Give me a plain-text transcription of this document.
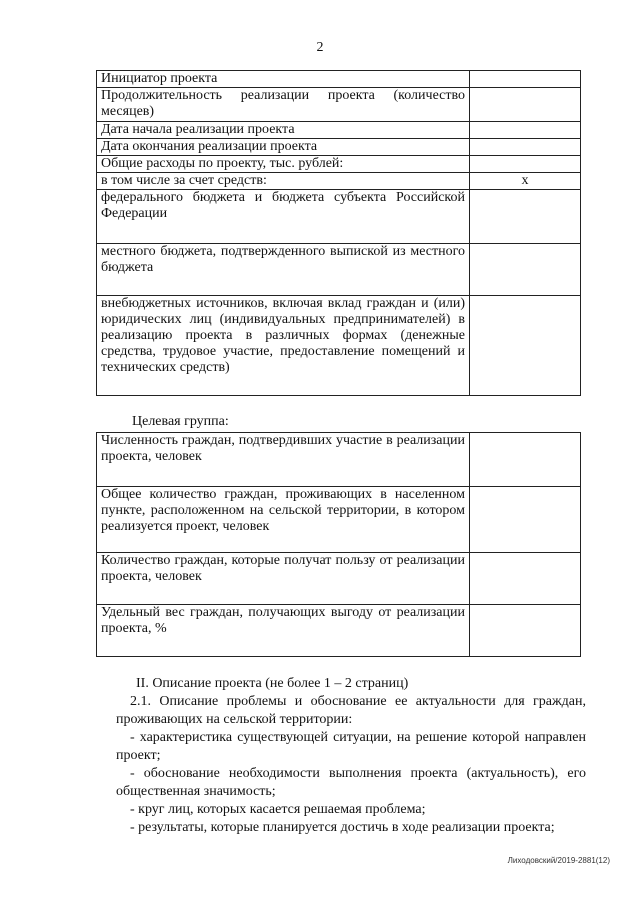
2
Инициатор проекта	
Продолжительность реализации проекта (количество месяцев)	
Дата начала реализации проекта	
Дата окончания реализации проекта	
Общие расходы по проекту, тыс. рублей:	
в том числе за счет средств:	x
федерального бюджета и бюджета субъекта Российской Федерации	
местного бюджета, подтвержденного выпиской из местного бюджета	
внебюджетных источников, включая вклад граждан и (или) юридических лиц (индивидуальных предпринимателей) в реализацию проекта в различных формах (денежные средства, трудовое участие, предоставление помещений и технических средств)	
Целевая группа:
Численность граждан, подтвердивших участие в реализации проекта, человек	
Общее количество граждан, проживающих в населенном пункте, расположенном на сельской территории, в котором реализуется проект, человек	
Количество граждан, которые получат пользу от реализации проекта, человек	
Удельный вес граждан, получающих выгоду от реализации проекта, %	

II. Описание проекта (не более 1 – 2 страниц)

2.1. Описание проблемы и обоснование ее актуальности для граждан, проживающих на сельской территории:

- характеристика существующей ситуации, на решение которой направлен проект;

- обоснование необходимости выполнения проекта (актуальность), его общественная значимость;

- круг лиц, которых касается решаемая проблема;

- результаты, которые планируется достичь в ходе реализации проекта;

Лиходовский/2019-2881(12)
